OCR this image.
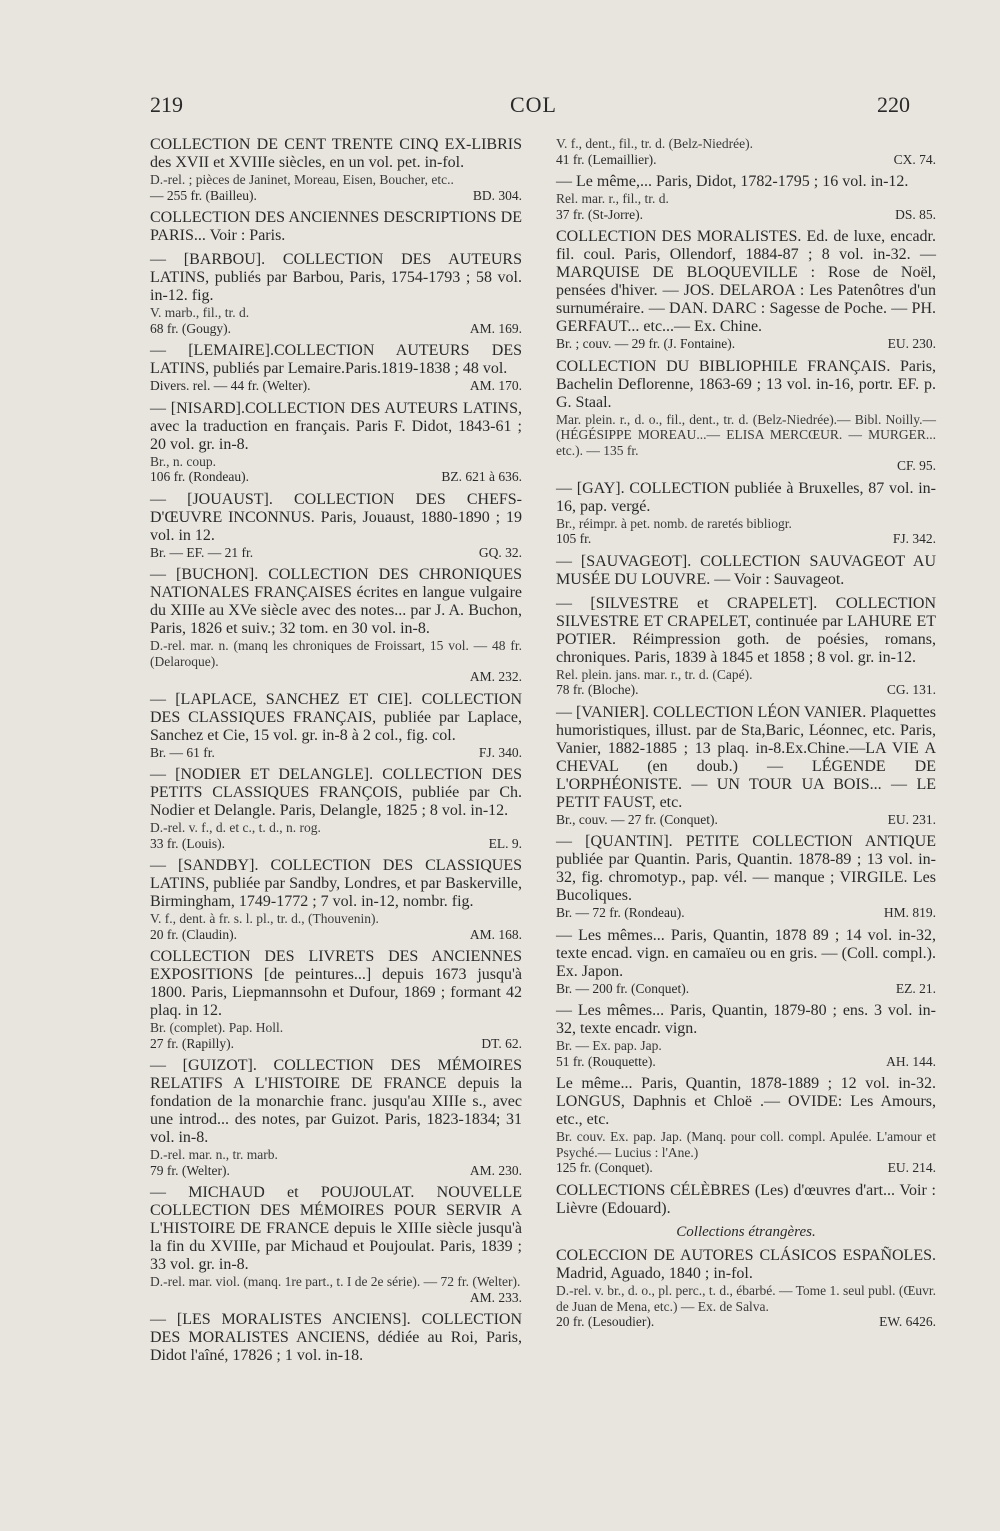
219	COL	220
COLLECTION DE CENT TRENTE CINQ EX-LIBRIS des XVII et XVIIIe siècles, en un vol. pet. in-fol.
D.-rel. ; pièces de Janinet, Moreau, Eisen, Boucher, etc..
— 255 fr. (Bailleu).	BD. 304.
COLLECTION DES ANCIENNES DESCRIPTIONS DE PARIS... Voir : Paris.
— [BARBOU]. COLLECTION DES AUTEURS LATINS, publiés par Barbou, Paris, 1754-1793 ; 58 vol. in-12. fig.
V. marb., fil., tr. d.
68 fr. (Gougy).	AM. 169.
— [LEMAIRE].COLLECTION AUTEURS DES LATINS, publiés par Lemaire.Paris.1819-1838 ; 48 vol.
Divers. rel. — 44 fr. (Welter).	AM. 170.
— [NISARD].COLLECTION DES AUTEURS LATINS, avec la traduction en français. Paris F. Didot, 1843-61 ; 20 vol. gr. in-8.
Br., n. coup.
106 fr. (Rondeau).	BZ. 621 à 636.
— [JOUAUST]. COLLECTION DES CHEFS-D'ŒUVRE INCONNUS. Paris, Jouaust, 1880-1890 ; 19 vol. in 12.
Br. — EF. — 21 fr.	GQ. 32.
— [BUCHON]. COLLECTION DES CHRONIQUES NATIONALES FRANÇAISES écrites en langue vulgaire du XIIIe au XVe siècle avec des notes... par J. A. Buchon, Paris, 1826 et suiv.; 32 tom. en 30 vol. in-8.
D.-rel. mar. n. (manq les chroniques de Froissart, 15 vol. — 48 fr. (Delaroque).
AM. 232.
— [LAPLACE, SANCHEZ ET CIE]. COLLECTION DES CLASSIQUES FRANÇAIS, publiée par Laplace, Sanchez et Cie, 15 vol. gr. in-8 à 2 col., fig. col.
Br. — 61 fr.	FJ. 340.
— [NODIER ET DELANGLE]. COLLECTION DES PETITS CLASSIQUES FRANÇOIS, publiée par Ch. Nodier et Delangle. Paris, Delangle, 1825 ; 8 vol. in-12.
D.-rel. v. f., d. et c., t. d., n. rog.
33 fr. (Louis).	EL. 9.
— [SANDBY]. COLLECTION DES CLASSIQUES LATINS, publiée par Sandby, Londres, et par Baskerville, Birmingham, 1749-1772 ; 7 vol. in-12, nombr. fig.
V. f., dent. à fr. s. l. pl., tr. d., (Thouvenin).
20 fr. (Claudin).	AM. 168.
COLLECTION DES LIVRETS DES ANCIENNES EXPOSITIONS [de peintures...] depuis 1673 jusqu'à 1800. Paris, Liepmannsohn et Dufour, 1869 ; formant 42 plaq. in 12.
Br. (complet). Pap. Holl.
27 fr. (Rapilly).	DT. 62.
— [GUIZOT]. COLLECTION DES MÉMOIRES RELATIFS A L'HISTOIRE DE FRANCE depuis la fondation de la monarchie franc. jusqu'au XIIIe s., avec une introd... des notes, par Guizot. Paris, 1823-1834; 31 vol. in-8.
D.-rel. mar. n., tr. marb.
79 fr. (Welter).	AM. 230.
— MICHAUD et POUJOULAT. NOUVELLE COLLECTION DES MÉMOIRES POUR SERVIR A L'HISTOIRE DE FRANCE depuis le XIIIe siècle jusqu'à la fin du XVIIIe, par Michaud et Poujoulat. Paris, 1839 ; 33 vol. gr. in-8.
D.-rel. mar. viol. (manq. 1re part., t. I de 2e série). — 72 fr. (Welter).
AM. 233.
— [LES MORALISTES ANCIENS]. COLLECTION DES MORALISTES ANCIENS, dédiée au Roi, Paris, Didot l'aîné, 17826 ; 1 vol. in-18.
V. f., dent., fil., tr. d. (Belz-Niedrée).
41 fr. (Lemaillier).	CX. 74.
— Le même,... Paris, Didot, 1782-1795 ; 16 vol. in-12.
Rel. mar. r., fil., tr. d.
37 fr. (St-Jorre).	DS. 85.
COLLECTION DES MORALISTES. Ed. de luxe, encadr. fil. coul. Paris, Ollendorf, 1884-87 ; 8 vol. in-32. — MARQUISE DE BLOQUEVILLE : Rose de Noël, pensées d'hiver. — JOS. DELAROA : Les Patenôtres d'un surnuméraire. — DAN. DARC : Sagesse de Poche. — PH. GERFAUT... etc...— Ex. Chine.
Br. ; couv. — 29 fr. (J. Fontaine).	EU. 230.
COLLECTION DU BIBLIOPHILE FRANÇAIS. Paris, Bachelin Deflorenne, 1863-69 ; 13 vol. in-16, portr. EF. p. G. Staal.
Mar. plein. r., d. o., fil., dent., tr. d. (Belz-Niedrée).— Bibl. Noilly.— (HÉGÉSIPPE MOREAU...— ELISA MERCŒUR. — MURGER... etc.). — 135 fr.
CF. 95.
— [GAY]. COLLECTION publiée à Bruxelles, 87 vol. in-16, pap. vergé.
Br., réimpr. à pet. nomb. de raretés bibliogr.
105 fr.	FJ. 342.
— [SAUVAGEOT]. COLLECTION SAUVAGEOT AU MUSÉE DU LOUVRE. — Voir : Sauvageot.
— [SILVESTRE et CRAPELET]. COLLECTION SILVESTRE ET CRAPELET, continuée par LAHURE ET POTIER. Réimpression goth. de poésies, romans, chroniques. Paris, 1839 à 1845 et 1858 ; 8 vol. gr. in-12.
Rel. plein. jans. mar. r., tr. d. (Capé).
78 fr. (Bloche).	CG. 131.
— [VANIER]. COLLECTION LÉON VANIER. Plaquettes humoristiques, illust. par de Sta,Baric, Léonnec, etc. Paris, Vanier, 1882-1885 ; 13 plaq. in-8.Ex.Chine.—LA VIE A CHEVAL (en doub.) — LÉGENDE DE L'ORPHÉONISTE. — UN TOUR UA BOIS... — LE PETIT FAUST, etc.
Br., couv. — 27 fr. (Conquet).	EU. 231.
— [QUANTIN]. PETITE COLLECTION ANTIQUE publiée par Quantin. Paris, Quantin. 1878-89 ; 13 vol. in-32, fig. chromotyp., pap. vél. — manque ; VIRGILE. Les Bucoliques.
Br. — 72 fr. (Rondeau).	HM. 819.
— Les mêmes... Paris, Quantin, 1878 89 ; 14 vol. in-32, texte encad. vign. en camaïeu ou en gris. — (Coll. compl.). Ex. Japon.
Br. — 200 fr. (Conquet).	EZ. 21.
— Les mêmes... Paris, Quantin, 1879-80 ; ens. 3 vol. in-32, texte encadr. vign.
Br. — Ex. pap. Jap.
51 fr. (Rouquette).	AH. 144.
Le même... Paris, Quantin, 1878-1889 ; 12 vol. in-32. LONGUS, Daphnis et Chloë .— OVIDE: Les Amours, etc., etc.
Br. couv. Ex. pap. Jap. (Manq. pour coll. compl. Apulée. L'amour et Psyché.— Lucius : l'Ane.)
125 fr. (Conquet).	EU. 214.
COLLECTIONS CÉLÈBRES (Les) d'œuvres d'art... Voir : Lièvre (Edouard).
Collections étrangères.
COLECCION DE AUTORES CLÁSICOS ESPAÑOLES. Madrid, Aguado, 1840 ; in-fol.
D.-rel. v. br., d. o., pl. perc., t. d., ébarbé. — Tome 1. seul publ. (Œuvr. de Juan de Mena, etc.) — Ex. de Salva.
20 fr. (Lesoudier).	EW. 6426.
